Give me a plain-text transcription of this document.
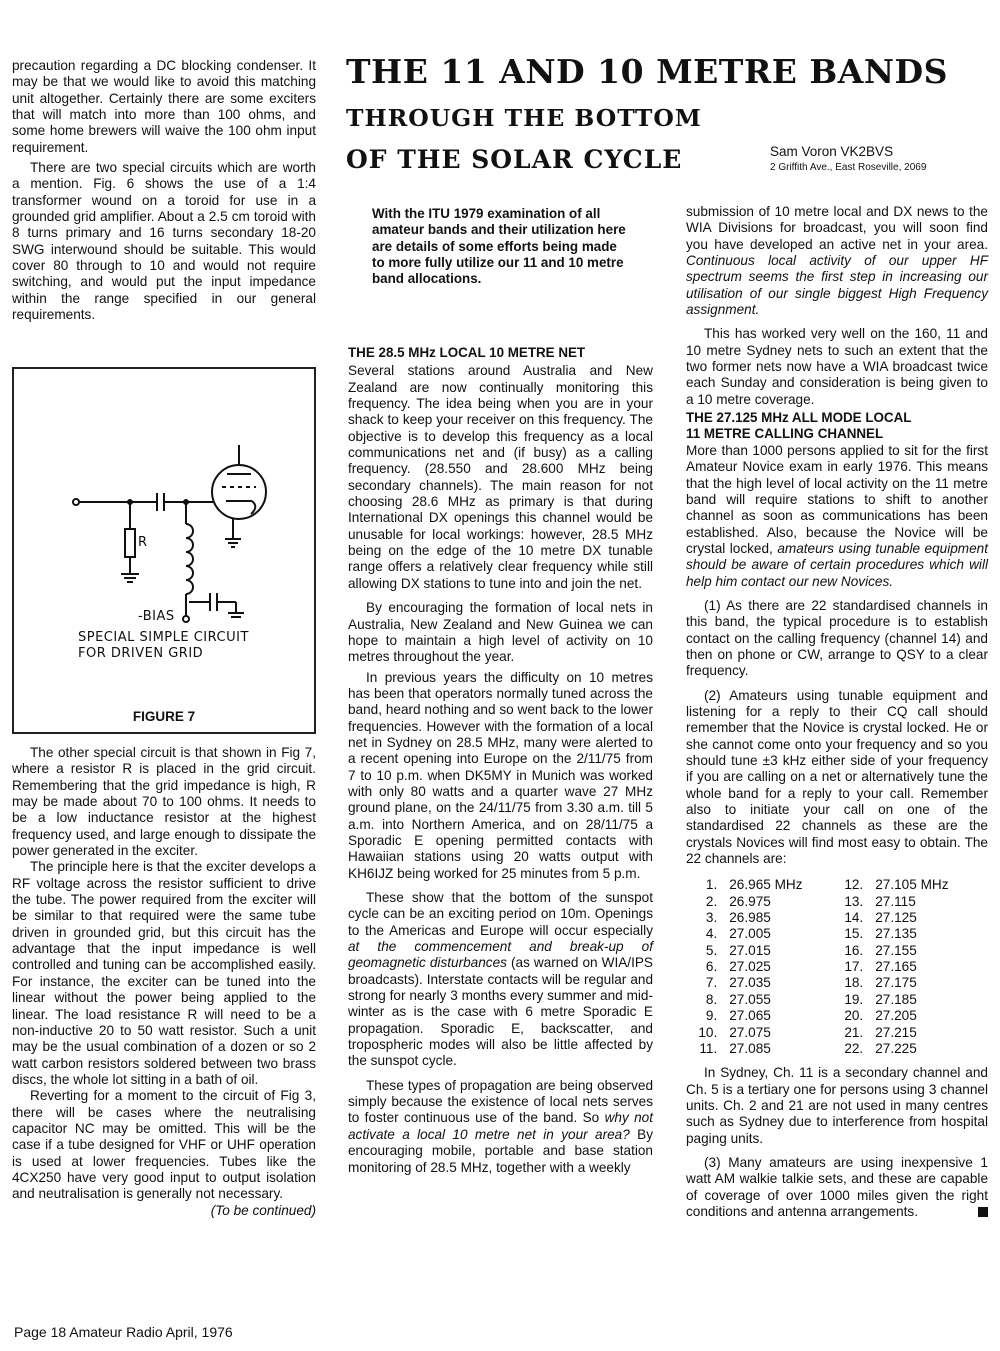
precaution regarding a DC blocking condenser. It may be that we would like to avoid this matching unit altogether. Certainly there are some exciters that will match into more than 100 ohms, and some home brewers will waive the 100 ohm input requirement.

There are two special circuits which are worth a mention. Fig. 6 shows the use of a 1:4 transformer wound on a toroid for use in a grounded grid amplifier. About a 2.5 cm toroid with 8 turns primary and 16 turns secondary 18-20 SWG interwound should be suitable. This would cover 80 through to 10 and would not require switching, and would put the input impedance within the range specified in our general requirements.

R
-BIAS
SPECIAL SIMPLE CIRCUIT
FOR DRIVEN GRID
FIGURE 7

The other special circuit is that shown in Fig 7, where a resistor R is placed in the grid circuit. Remembering that the grid impedance is high, R may be made about 70 to 100 ohms. It needs to be a low inductance resistor at the highest frequency used, and large enough to dissipate the power generated in the exciter.

The principle here is that the exciter develops a RF voltage across the resistor sufficient to drive the tube. The power required from the exciter will be similar to that required were the same tube driven in grounded grid, but this circuit has the advantage that the input impedance is well controlled and tuning can be accomplished easily. For instance, the exciter can be tuned into the linear without the power being applied to the linear. The load resistance R will need to be a non-inductive 20 to 50 watt resistor. Such a unit may be the usual combination of a dozen or so 2 watt carbon resistors soldered between two brass discs, the whole lot sitting in a bath of oil.

Reverting for a moment to the circuit of Fig 3, there will be cases where the neutralising capacitor NC may be omitted. This will be the case if a tube designed for VHF or UHF operation is used at lower frequencies. Tubes like the 4CX250 have very good input to output isolation and neutralisation is generally not necessary.

(To be continued)

THE 11 AND 10 METRE BANDS
THROUGH THE BOTTOM
OF THE SOLAR CYCLE	Sam Voron VK2BVS
2 Griffith Ave., East Roseville, 2069
With the ITU 1979 examination of all amateur bands and their utilization here are details of some efforts being made to more fully utilize our 11 and 10 metre band allocations.

THE 28.5 MHz LOCAL 10 METRE NET

Several stations around Australia and New Zealand are now continually monitoring this frequency. The idea being when you are in your shack to keep your receiver on this frequency. The objective is to develop this frequency as a local communications net and (if busy) as a calling frequency. (28.550 and 28.600 MHz being secondary channels). The main reason for not choosing 28.6 MHz as primary is that during International DX openings this channel would be unusable for local workings: however, 28.5 MHz being on the edge of the 10 metre DX tunable range offers a relatively clear frequency while still allowing DX stations to tune into and join the net.

By encouraging the formation of local nets in Australia, New Zealand and New Guinea we can hope to maintain a high level of activity on 10 metres throughout the year.

In previous years the difficulty on 10 metres has been that operators normally tuned across the band, heard nothing and so went back to the lower frequencies. However with the formation of a local net in Sydney on 28.5 MHz, many were alerted to a recent opening into Europe on the 2/11/75 from 7 to 10 p.m. when DK5MY in Munich was worked with only 80 watts and a quarter wave 27 MHz ground plane, on the 24/11/75 from 3.30 a.m. till 5 a.m. into Northern America, and on 28/11/75 a Sporadic E opening permitted contacts with Hawaiian stations using 20 watts output with KH6IJZ being worked for 25 minutes from 5 p.m.

These show that the bottom of the sunspot cycle can be an exciting period on 10m. Openings to the Americas and Europe will occur especially at the commencement and break-up of geomagnetic disturbances (as warned on WIA/IPS broadcasts). Interstate contacts will be regular and strong for nearly 3 months every summer and mid-winter as is the case with 6 metre Sporadic E propagation. Sporadic E, backscatter, and tropospheric modes will also be little affected by the sunspot cycle.

These types of propagation are being observed simply because the existence of local nets serves to foster continuous use of the band. So why not activate a local 10 metre net in your area? By encouraging mobile, portable and base station monitoring of 28.5 MHz, together with a weekly

submission of 10 metre local and DX news to the WIA Divisions for broadcast, you will soon find you have developed an active net in your area. Continuous local activity of our upper HF spectrum seems the first step in increasing our utilisation of our single biggest High Frequency assignment.

This has worked very well on the 160, 11 and 10 metre Sydney nets to such an extent that the two former nets now have a WIA broadcast twice each Sunday and consideration is being given to a 10 metre coverage.

THE 27.125 MHz ALL MODE LOCAL

11 METRE CALLING CHANNEL

More than 1000 persons applied to sit for the first Amateur Novice exam in early 1976. This means that the high level of local activity on the 11 metre band will require stations to shift to another channel as soon as communications has been established. Also, because the Novice will be crystal locked, amateurs using tunable equipment should be aware of certain procedures which will help him contact our new Novices.

(1) As there are 22 standardised channels in this band, the typical procedure is to establish contact on the calling frequency (channel 14) and then on phone or CW, arrange to QSY to a clear frequency.

(2) Amateurs using tunable equipment and listening for a reply to their CQ call should remember that the Novice is crystal locked. He or she cannot come onto your frequency and so you should tune ±3 kHz either side of your frequency if you are calling on a net or alternatively tune the whole band for a reply to your call. Remember also to initiate your call on one of the standardised 22 channels as these are the crystals Novices will find most easy to obtain. The 22 channels are:

1.	26.965 MHz	12.	27.105 MHz
2.	26.975	13.	27.115
3.	26.985	14.	27.125
4.	27.005	15.	27.135
5.	27.015	16.	27.155
6.	27.025	17.	27.165
7.	27.035	18.	27.175
8.	27.055	19.	27.185
9.	27.065	20.	27.205
10.	27.075	21.	27.215
11.	27.085	22.	27.225

In Sydney, Ch. 11 is a secondary channel and Ch. 5 is a tertiary one for persons using 3 channel units. Ch. 2 and 21 are not used in many centres such as Sydney due to interference from hospital paging units.

(3) Many amateurs are using inexpensive 1 watt AM walkie talkie sets, and these are capable of coverage of over 1000 miles given the right conditions and antenna arrangements.

Page 18 Amateur Radio April, 1976
